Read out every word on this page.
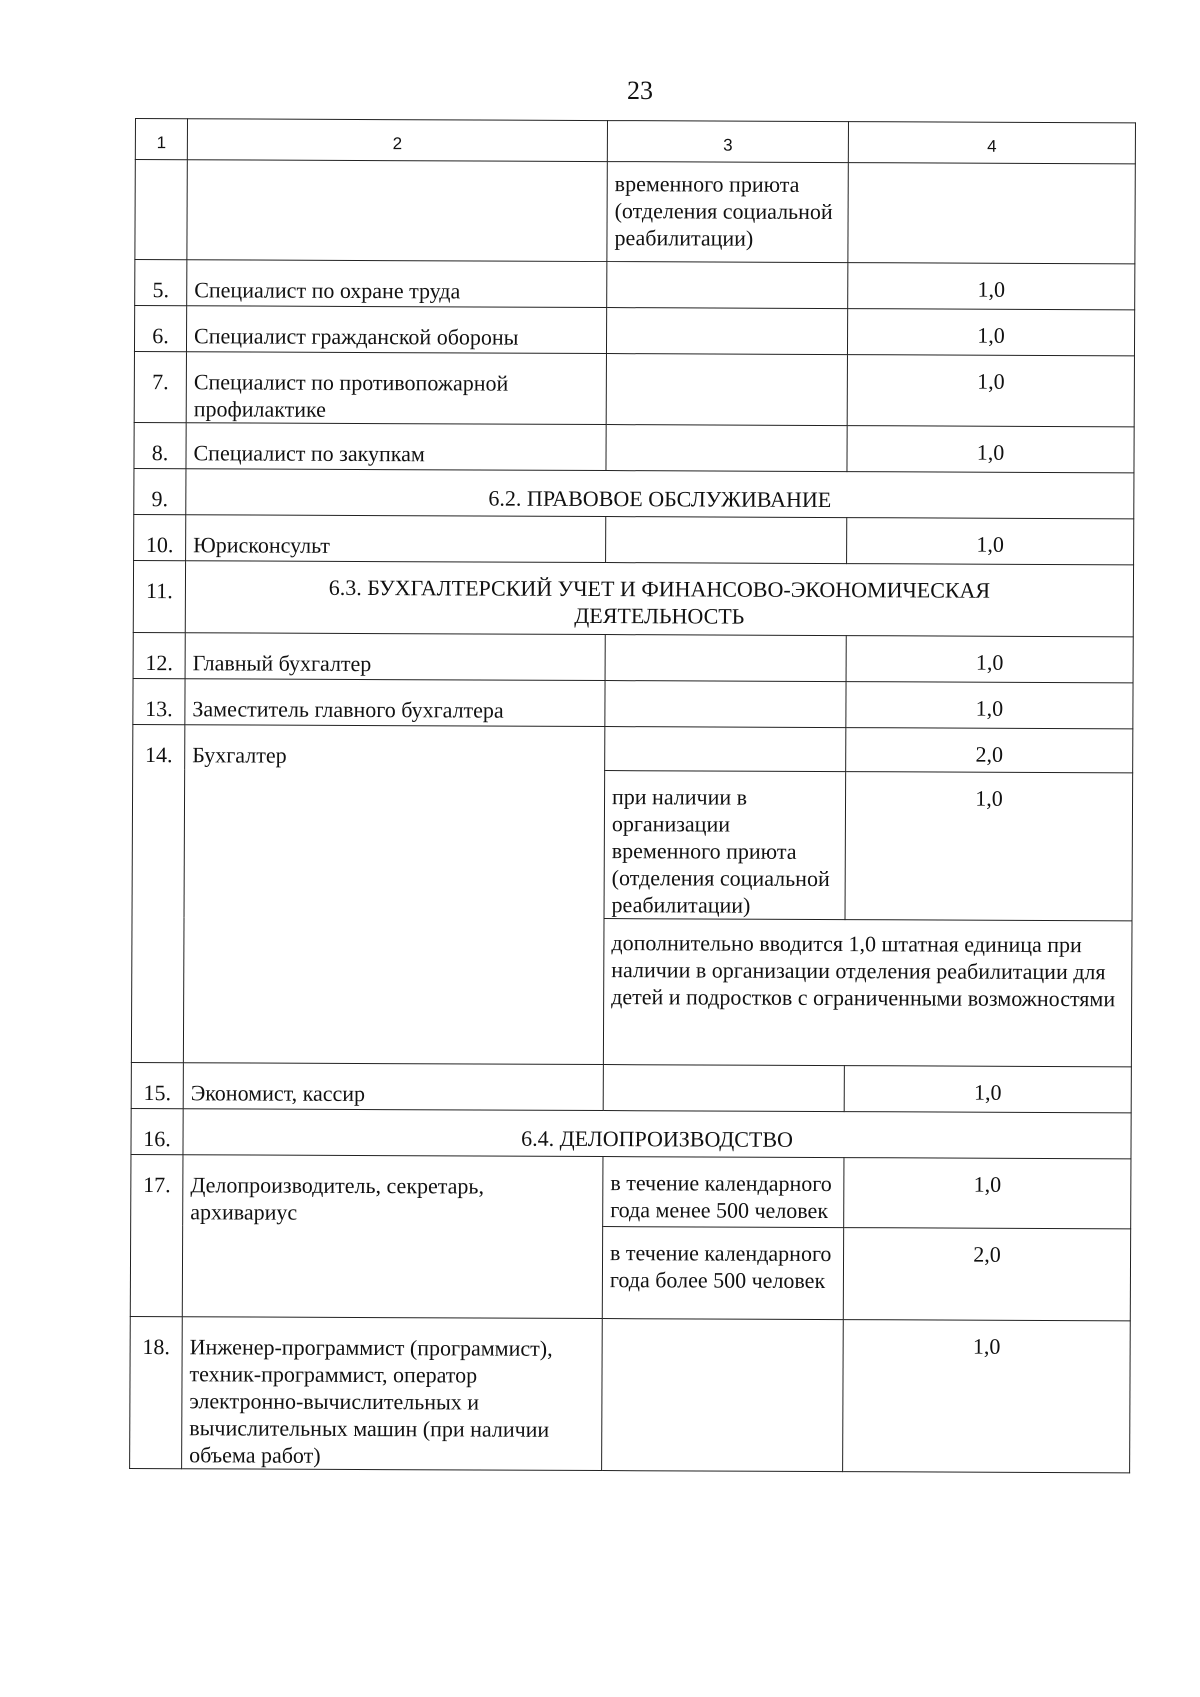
23
1	2	3	4
		временного приюта (отделения социальной реабилитации)	
5.	Специалист по охране труда		1,0
6.	Специалист гражданской обороны		1,0
7.	Специалист по противопожарной профилактике		1,0
8.	Специалист по закупкам		1,0
9.	6.2. ПРАВОВОЕ ОБСЛУЖИВАНИЕ		
10.	Юрисконсульт		1,0
11.	6.3. БУХГАЛТЕРСКИЙ УЧЕТ И ФИНАНСОВО-ЭКОНОМИЧЕСКАЯ ДЕЯТЕЛЬНОСТЬ		
12.	Главный бухгалтер		1,0
13.	Заместитель главного бухгалтера		1,0
14.	Бухгалтер		2,0
		при наличии в организации временного приюта (отделения социальной реабилитации)	1,0
		дополнительно вводится 1,0 штатная единица при наличии в организации отделения реабилитации для детей и подростков с ограниченными возможностями	
15.	Экономист, кассир		1,0
16.	6.4. ДЕЛОПРОИЗВОДСТВО		
17.	Делопроизводитель, секретарь, архивариус	в течение календарного года менее 500 человек	1,0
		в течение календарного года более 500 человек	2,0
18.	Инженер-программист (программист), техник-программист, оператор электронно-вычислительных и вычислительных машин (при наличии объема работ)		1,0
